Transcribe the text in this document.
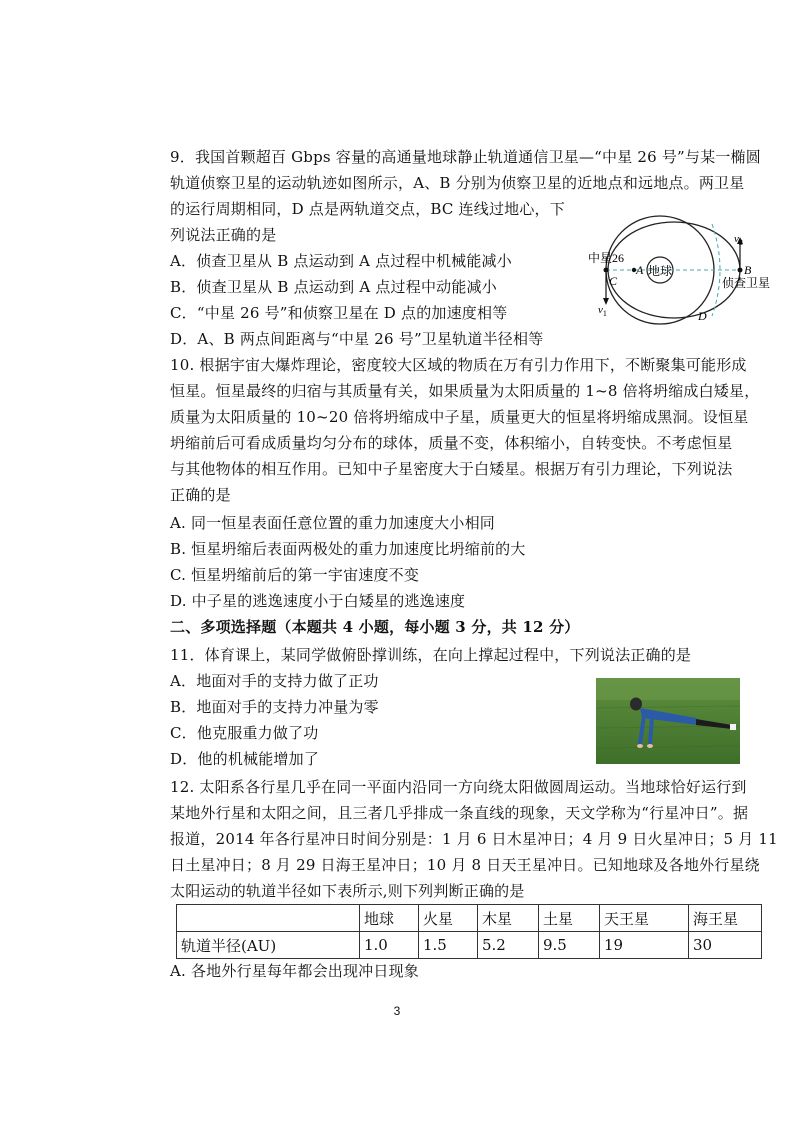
9．我国首颗超百 Gbps 容量的高通量地球静止轨道通信卫星—“中星 26 号”与某一椭圆
轨道侦察卫星的运动轨迹如图所示，A、B 分别为侦察卫星的近地点和远地点。两卫星
的运行周期相同，D 点是两轨道交点，BC 连线过地心，下
列说法正确的是
A．侦查卫星从 B 点运动到 A 点过程中机械能减小
B．侦查卫星从 B 点运动到 A 点过程中动能减小
C．“中星 26 号”和侦察卫星在 D 点的加速度相等
D．A、B 两点间距离与“中星 26 号”卫星轨道半径相等
中星26
C
A 地球	B
侦查卫星
D
$v_1$
$v_2$
10. 根据宇宙大爆炸理论，密度较大区域的物质在万有引力作用下，不断聚集可能形成
恒星。恒星最终的归宿与其质量有关，如果质量为太阳质量的 1~8 倍将坍缩成白矮星，
质量为太阳质量的 10~20 倍将坍缩成中子星，质量更大的恒星将坍缩成黑洞。设恒星
坍缩前后可看成质量均匀分布的球体，质量不变，体积缩小，自转变快。不考虑恒星
与其他物体的相互作用。已知中子星密度大于白矮星。根据万有引力理论，下列说法
正确的是
A. 同一恒星表面任意位置的重力加速度大小相同
B. 恒星坍缩后表面两极处的重力加速度比坍缩前的大
C. 恒星坍缩前后的第一宇宙速度不变
D. 中子星的逃逸速度小于白矮星的逃逸速度
二、多项选择题（本题共 4 小题，每小题 3 分，共 12 分）
11．体育课上，某同学做俯卧撑训练，在向上撑起过程中，下列说法正确的是
A．地面对手的支持力做了正功
B．地面对手的支持力冲量为零
C．他克服重力做了功
D．他的机械能增加了
12. 太阳系各行星几乎在同一平面内沿同一方向绕太阳做圆周运动。当地球恰好运行到
某地外行星和太阳之间，且三者几乎排成一条直线的现象，天文学称为“行星冲日”。据
报道，2014 年各行星冲日时间分别是：1 月 6 日木星冲日；4 月 9 日火星冲日；5 月 11
日土星冲日；8 月 29 日海王星冲日；10 月 8 日天王星冲日。已知地球及各地外行星绕
太阳运动的轨道半径如下表所示,则下列判断正确的是
	地球	火星	木星	土星	天王星	海王星
轨道半径(AU)	1.0	1.5	5.2	9.5	19	30
A. 各地外行星每年都会出现冲日现象
3
